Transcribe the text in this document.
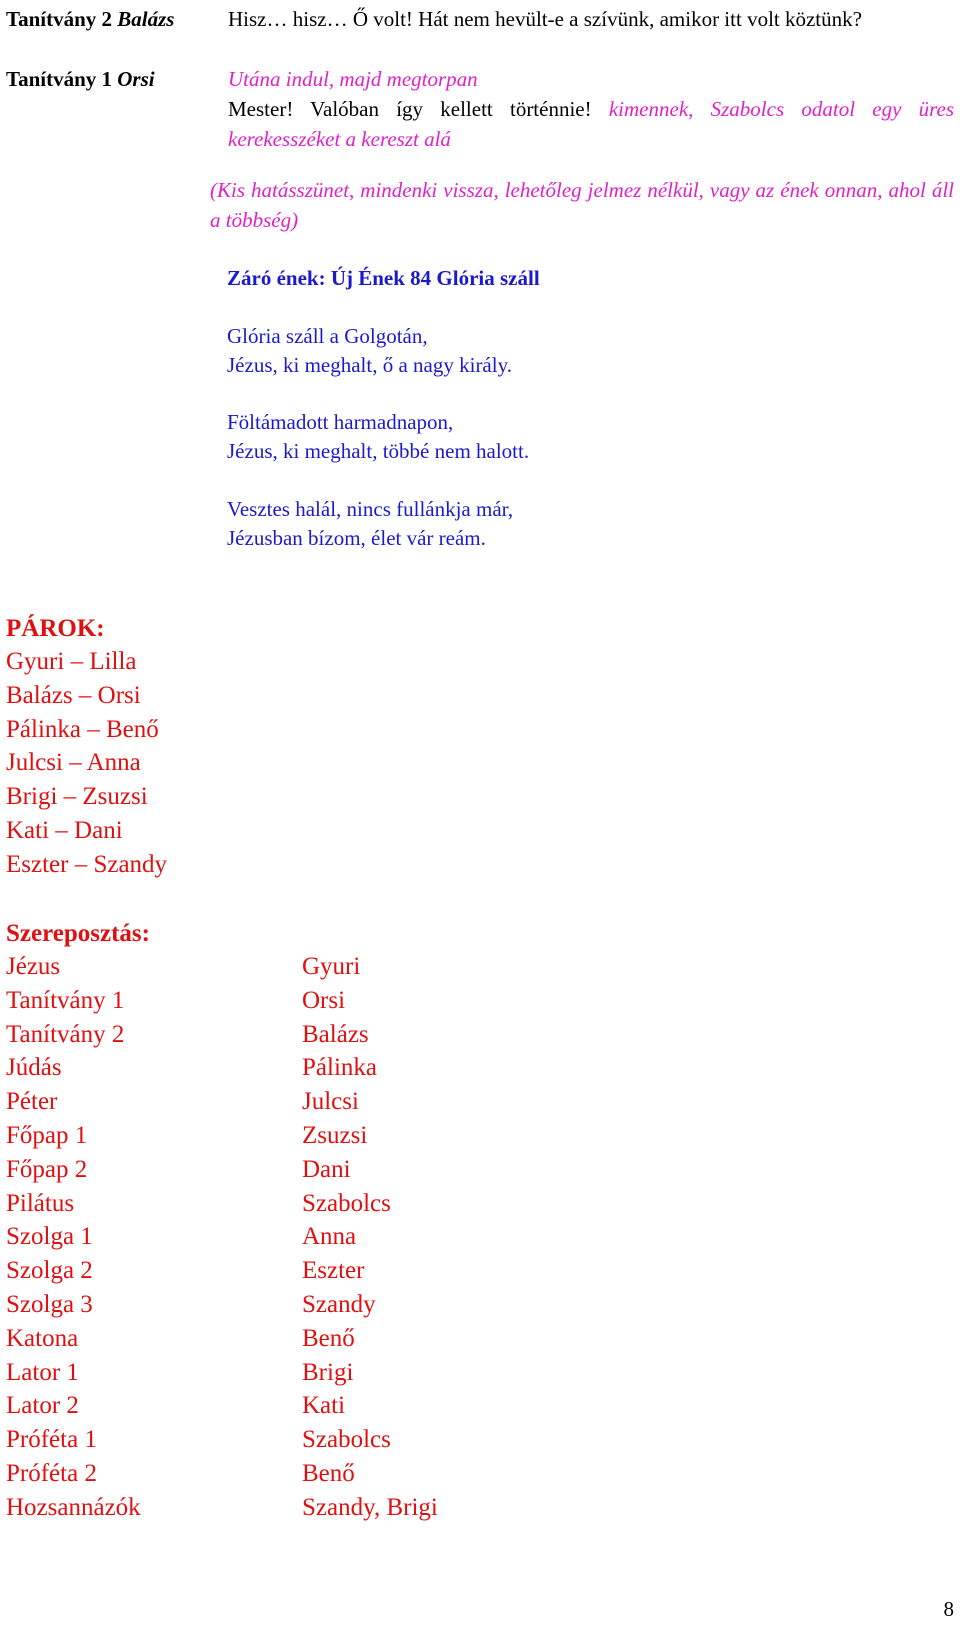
Tanítvány 2 Balázs	Hisz… hisz… Ő volt! Hát nem hevült-e a szívünk, amikor itt volt köztünk?
Tanítvány 1 Orsi	Utána indul, majd megtorpan
Mester! Valóban így kellett történnie! kimennek, Szabolcs odatol egy üres kerekesszéket a kereszt alá
(Kis hatásszünet, mindenki vissza, lehetőleg jelmez nélkül, vagy az ének onnan, ahol áll a többség)
Záró ének: Új Ének 84 Glória száll
Glória száll a Golgotán,
Jézus, ki meghalt, ő a nagy király.
Föltámadott harmadnapon,
Jézus, ki meghalt, többé nem halott.
Vesztes halál, nincs fullánkja már,
Jézusban bízom, élet vár reám.
PÁROK:
Gyuri – Lilla
Balázs – Orsi
Pálinka – Benő
Julcsi – Anna
Brigi – Zsuzsi
Kati – Dani
Eszter – Szandy
Szereposztás:
Jézus
Tanítvány 1
Tanítvány 2
Júdás
Péter
Főpap 1
Főpap 2
Pilátus
Szolga 1
Szolga 2
Szolga 3
Katona
Lator 1
Lator 2
Próféta 1
Próféta 2
Hozsannázók
Gyuri
Orsi
Balázs
Pálinka
Julcsi
Zsuzsi
Dani
Szabolcs
Anna
Eszter
Szandy
Benő
Brigi
Kati
Szabolcs
Benő
Szandy, Brigi
8
